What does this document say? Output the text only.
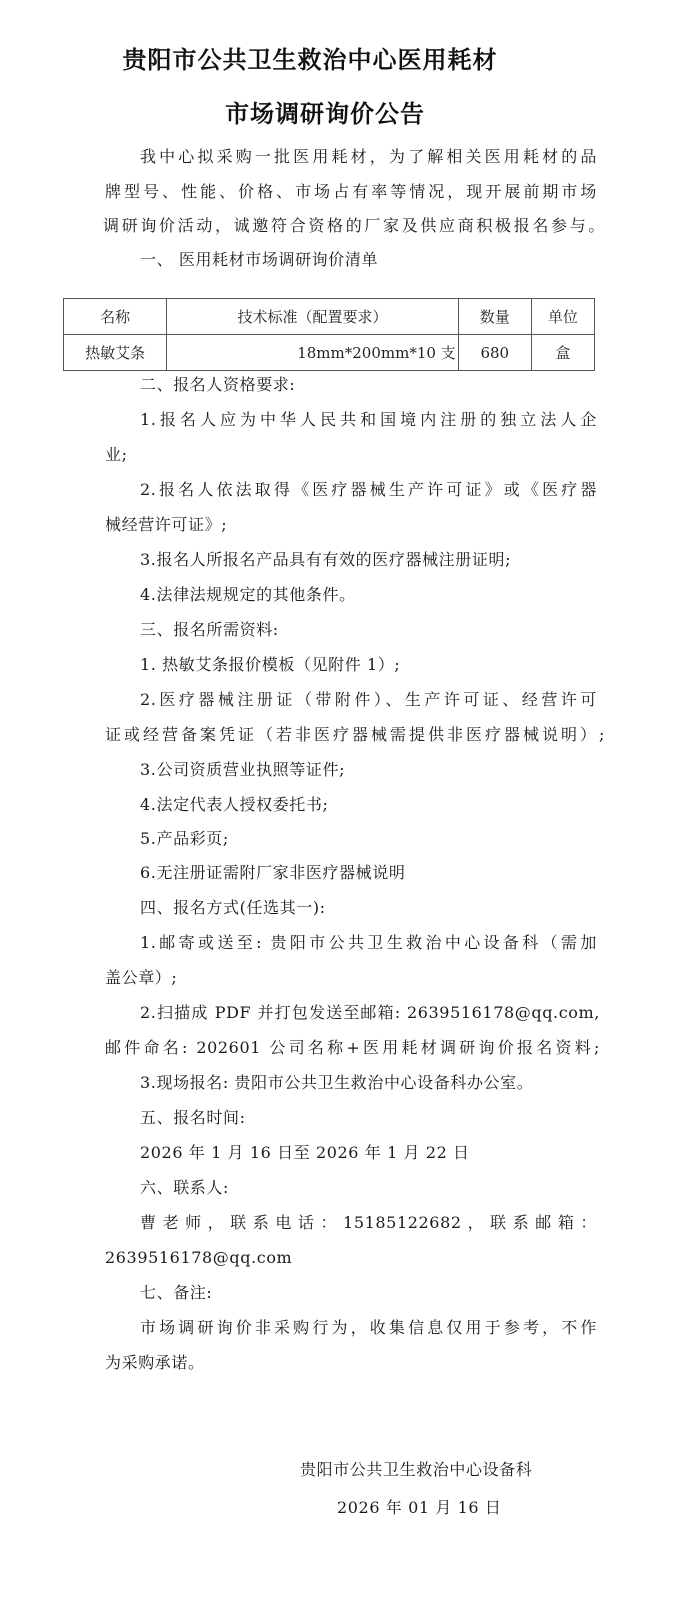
贵阳市公共卫生救治中心医用耗材
市场调研询价公告
我中心拟采购一批医用耗材，为了解相关医用耗材的品
牌型号、性能、价格、市场占有率等情况，现开展前期市场
调研询价活动，诚邀符合资格的厂家及供应商积极报名参与。
一、 医用耗材市场调研询价清单
名称	技术标准（配置要求）	数量	单位
热敏艾条	18mm*200mm*10 支	680	盒
二、报名人资格要求:
1.报名人应为中华人民共和国境内注册的独立法人企
业;
2.报名人依法取得《医疗器械生产许可证》或《医疗器
械经营许可证》;
3.报名人所报名产品具有有效的医疗器械注册证明;
4.法律法规规定的其他条件。
三、报名所需资料:
1. 热敏艾条报价模板（见附件 1）;
2.医疗器械注册证（带附件）、生产许可证、经营许可
证或经营备案凭证（若非医疗器械需提供非医疗器械说明）;
3.公司资质营业执照等证件;
4.法定代表人授权委托书;
5.产品彩页;
6.无注册证需附厂家非医疗器械说明
四、报名方式(任选其一):
1.邮寄或送至: 贵阳市公共卫生救治中心设备科（需加
盖公章）;
2.扫描成 PDF 并打包发送至邮箱: 2639516178@qq.com,
邮件命名: 202601 公司名称+医用耗材调研询价报名资料;
3.现场报名: 贵阳市公共卫生救治中心设备科办公室。
五、报名时间:
2026 年 1 月 16 日至 2026 年 1 月 22 日
六、联系人:
曹老师，联系电话：15185122682，联系邮箱：
2639516178@qq.com
七、备注:
市场调研询价非采购行为，收集信息仅用于参考，不作
为采购承诺。
贵阳市公共卫生救治中心设备科
2026 年 01 月 16 日
